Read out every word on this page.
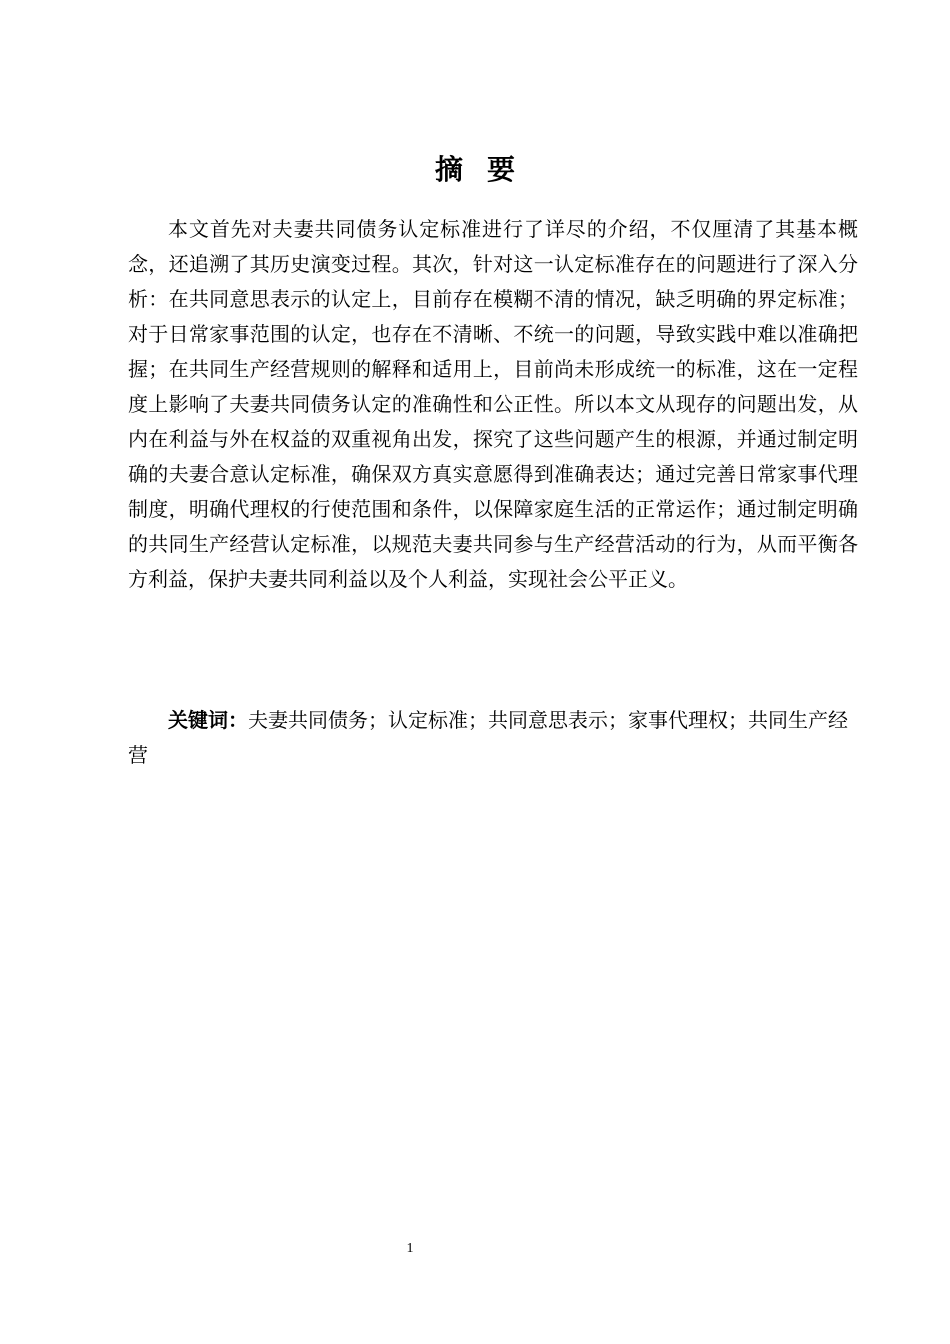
摘要

本文首先对夫妻共同债务认定标准进行了详尽的介绍，不仅厘清了其基本概念，还追溯了其历史演变过程。其次，针对这一认定标准存在的问题进行了深入分析：在共同意思表示的认定上，目前存在模糊不清的情况，缺乏明确的界定标准；对于日常家事范围的认定，也存在不清晰、不统一的问题，导致实践中难以准确把握；在共同生产经营规则的解释和适用上，目前尚未形成统一的标准，这在一定程度上影响了夫妻共同债务认定的准确性和公正性。所以本文从现存的问题出发，从内在利益与外在权益的双重视角出发，探究了这些问题产生的根源，并通过制定明确的夫妻合意认定标准，确保双方真实意愿得到准确表达；通过完善日常家事代理制度，明确代理权的行使范围和条件，以保障家庭生活的正常运作；通过制定明确的共同生产经营认定标准，以规范夫妻共同参与生产经营活动的行为，从而平衡各方利益，保护夫妻共同利益以及个人利益，实现社会公平正义。

关键词：夫妻共同债务；认定标准；共同意思表示；家事代理权；共同生产经营

1
